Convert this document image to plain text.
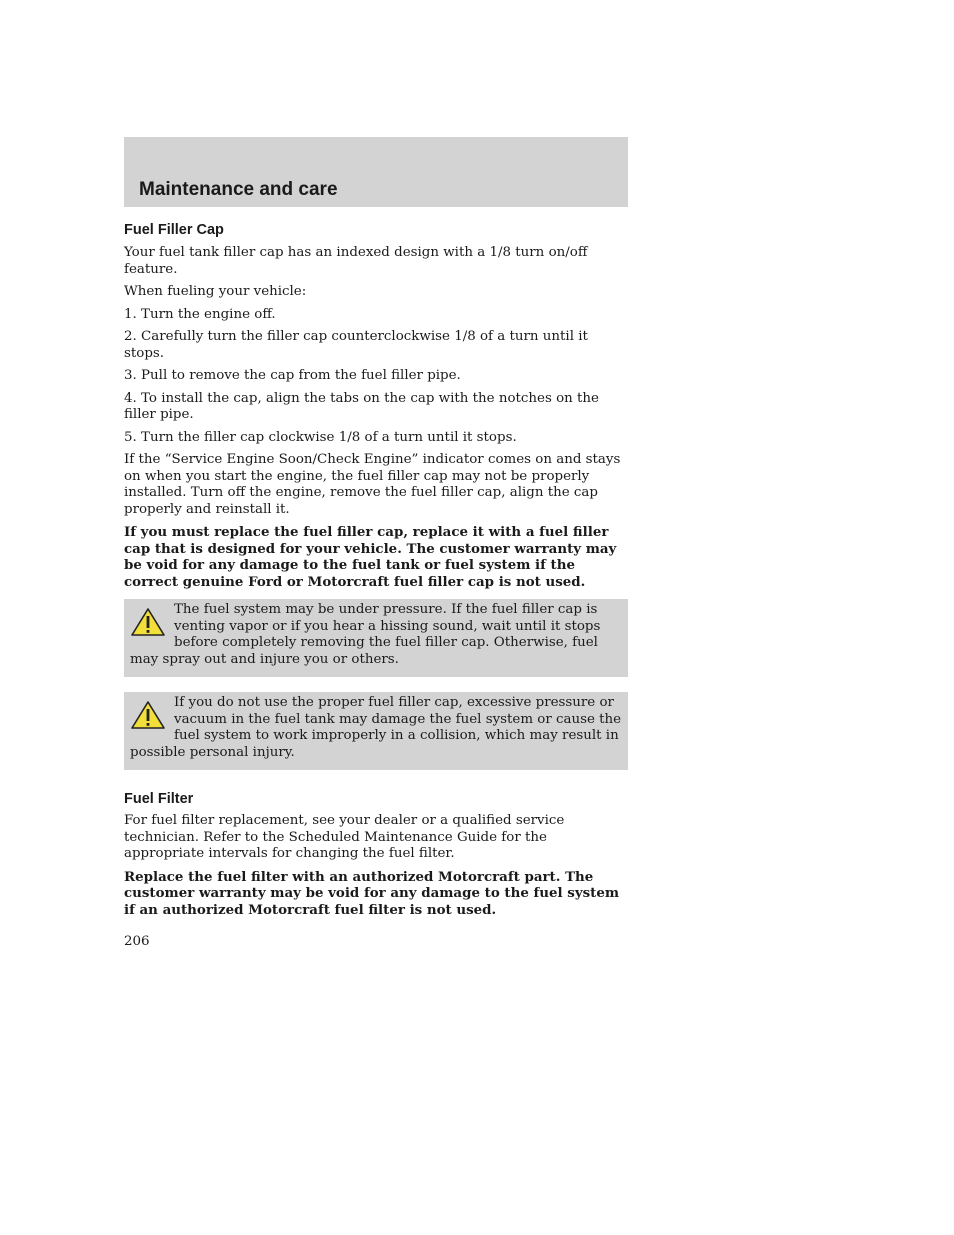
Maintenance and care
Fuel Filler Cap

Your fuel tank filler cap has an indexed design with a 1/8 turn on/off feature.

When fueling your vehicle:

1. Turn the engine off.

2. Carefully turn the filler cap counterclockwise 1/8 of a turn until it stops.

3. Pull to remove the cap from the fuel filler pipe.

4. To install the cap, align the tabs on the cap with the notches on the filler pipe.

5. Turn the filler cap clockwise 1/8 of a turn until it stops.

If the “Service Engine Soon/Check Engine” indicator comes on and stays on when you start the engine, the fuel filler cap may not be properly installed. Turn off the engine, remove the fuel filler cap, align the cap properly and reinstall it.

If you must replace the fuel filler cap, replace it with a fuel filler cap that is designed for your vehicle. The customer warranty may be void for any damage to the fuel tank or fuel system if the correct genuine Ford or Motorcraft fuel filler cap is not used.

The fuel system may be under pressure. If the fuel filler cap is venting vapor or if you hear a hissing sound, wait until it stops before completely removing the fuel filler cap. Otherwise, fuel may spray out and injure you or others.

If you do not use the proper fuel filler cap, excessive pressure or vacuum in the fuel tank may damage the fuel system or cause the fuel system to work improperly in a collision, which may result in possible personal injury.

Fuel Filter

For fuel filter replacement, see your dealer or a qualified service technician. Refer to the Scheduled Maintenance Guide for the appropriate intervals for changing the fuel filter.

Replace the fuel filter with an authorized Motorcraft part. The customer warranty may be void for any damage to the fuel system if an authorized Motorcraft fuel filter is not used.

206
